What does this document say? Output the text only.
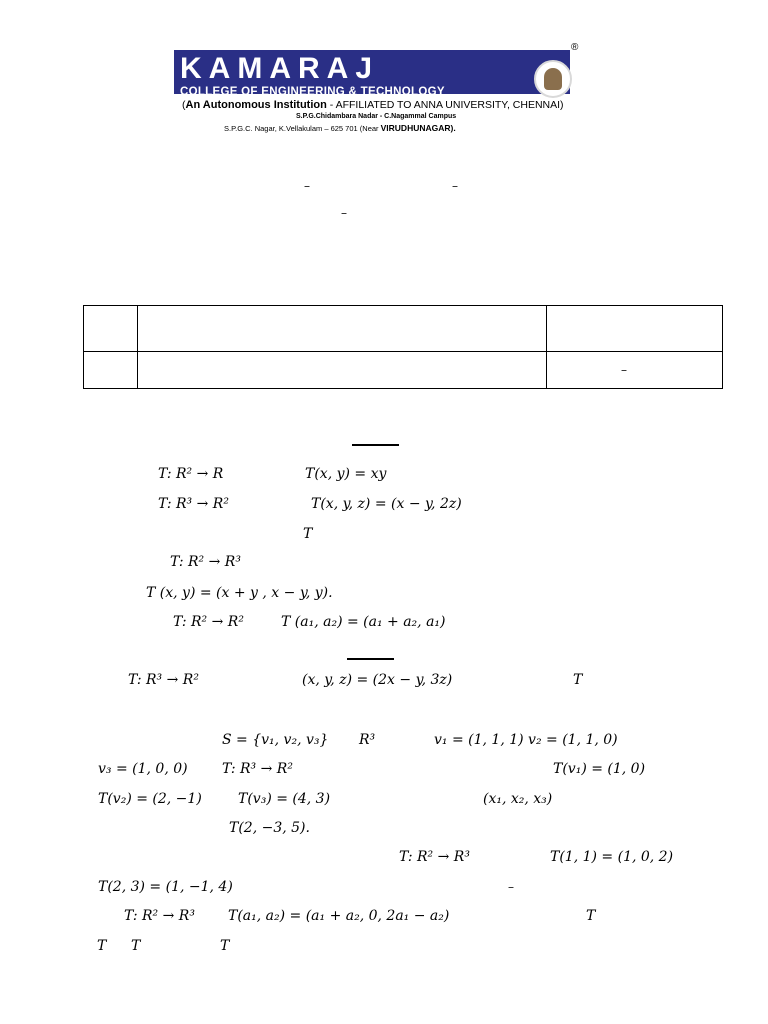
KAMARAJ
COLLEGE OF ENGINEERING & TECHNOLOGY
®
(An Autonomous Institution - AFFILIATED TO ANNA UNIVERSITY, CHENNAI)
S.P.G.Chidambara Nadar - C.Nagammal Campus
S.P.G.C. Nagar, K.Vellakulam – 625 701 (Near VIRUDHUNAGAR).
–	–
–
–
T: R² → R	T(x, y) = xy
T: R³ → R²	T(x, y, z) = (x − y, 2z)
T
T: R² → R³
T (x, y) = (x + y , x − y, y).
T: R² → R²	T (a₁, a₂) = (a₁ + a₂, a₁)
T: R³ → R²	(x, y, z) = (2x − y, 3z)	T
S = {v₁, v₂, v₃} R³	v₁ = (1, 1, 1) v₂ = (1, 1, 0)
v₃ = (1, 0, 0) T: R³ → R²	T(v₁) = (1, 0)
T(v₂) = (2, −1)	T(v₃) = (4, 3)	(x₁, x₂, x₃)
T(2, −3, 5).
T: R² → R³	T(1, 1) = (1, 0, 2)
T(2, 3) = (1, −1, 4)	–
T: R² → R³ T(a₁, a₂) = (a₁ + a₂, 0, 2a₁ − a₂)	T
T T	T
